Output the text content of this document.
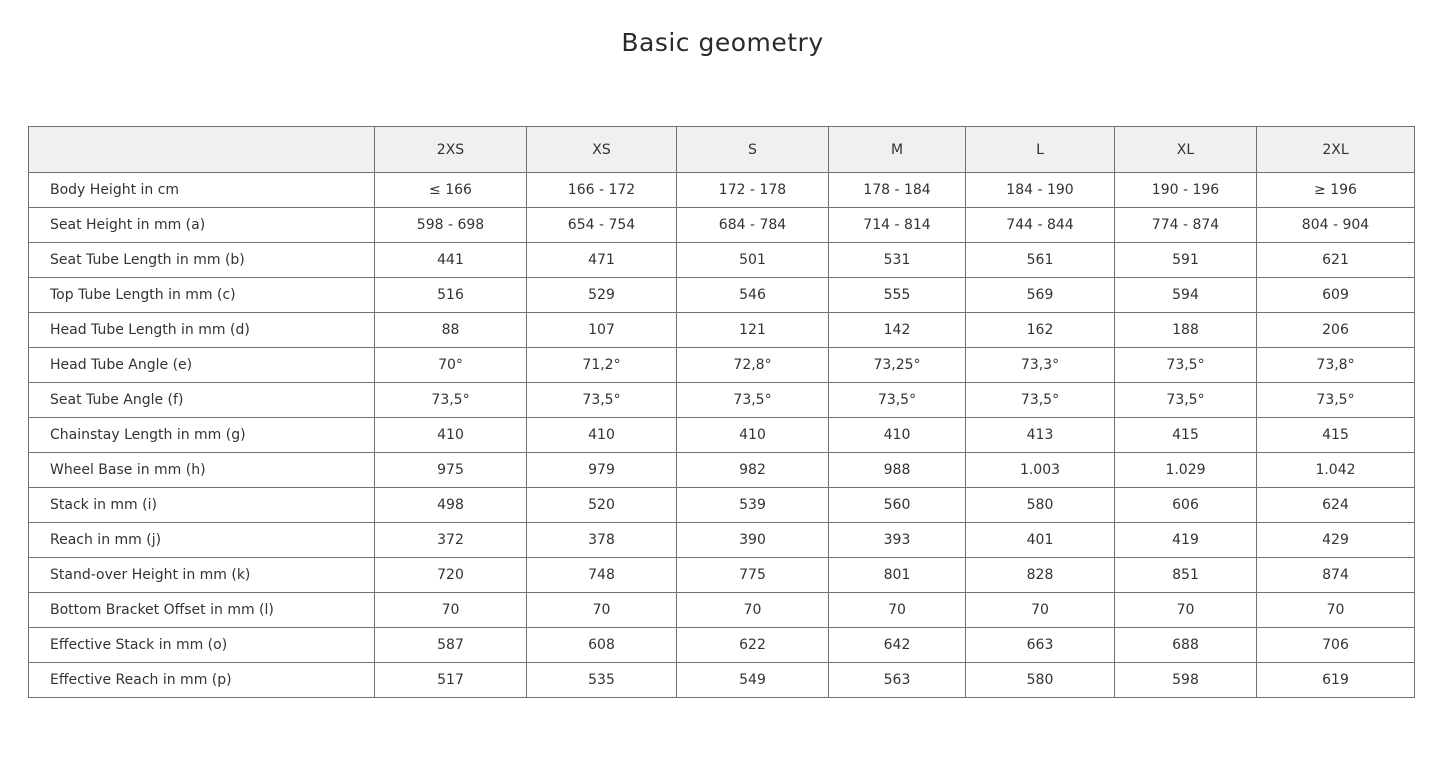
Basic geometry
	2XS	XS	S	M	L	XL	2XL
Body Height in cm	≤ 166	166 - 172	172 - 178	178 - 184	184 - 190	190 - 196	≥ 196
Seat Height in mm (a)	598 - 698	654 - 754	684 - 784	714 - 814	744 - 844	774 - 874	804 - 904
Seat Tube Length in mm (b)	441	471	501	531	561	591	621
Top Tube Length in mm (c)	516	529	546	555	569	594	609
Head Tube Length in mm (d)	88	107	121	142	162	188	206
Head Tube Angle (e)	70°	71,2°	72,8°	73,25°	73,3°	73,5°	73,8°
Seat Tube Angle (f)	73,5°	73,5°	73,5°	73,5°	73,5°	73,5°	73,5°
Chainstay Length in mm (g)	410	410	410	410	413	415	415
Wheel Base in mm (h)	975	979	982	988	1.003	1.029	1.042
Stack in mm (i)	498	520	539	560	580	606	624
Reach in mm (j)	372	378	390	393	401	419	429
Stand-over Height in mm (k)	720	748	775	801	828	851	874
Bottom Bracket Offset in mm (l)	70	70	70	70	70	70	70
Effective Stack in mm (o)	587	608	622	642	663	688	706
Effective Reach in mm (p)	517	535	549	563	580	598	619
